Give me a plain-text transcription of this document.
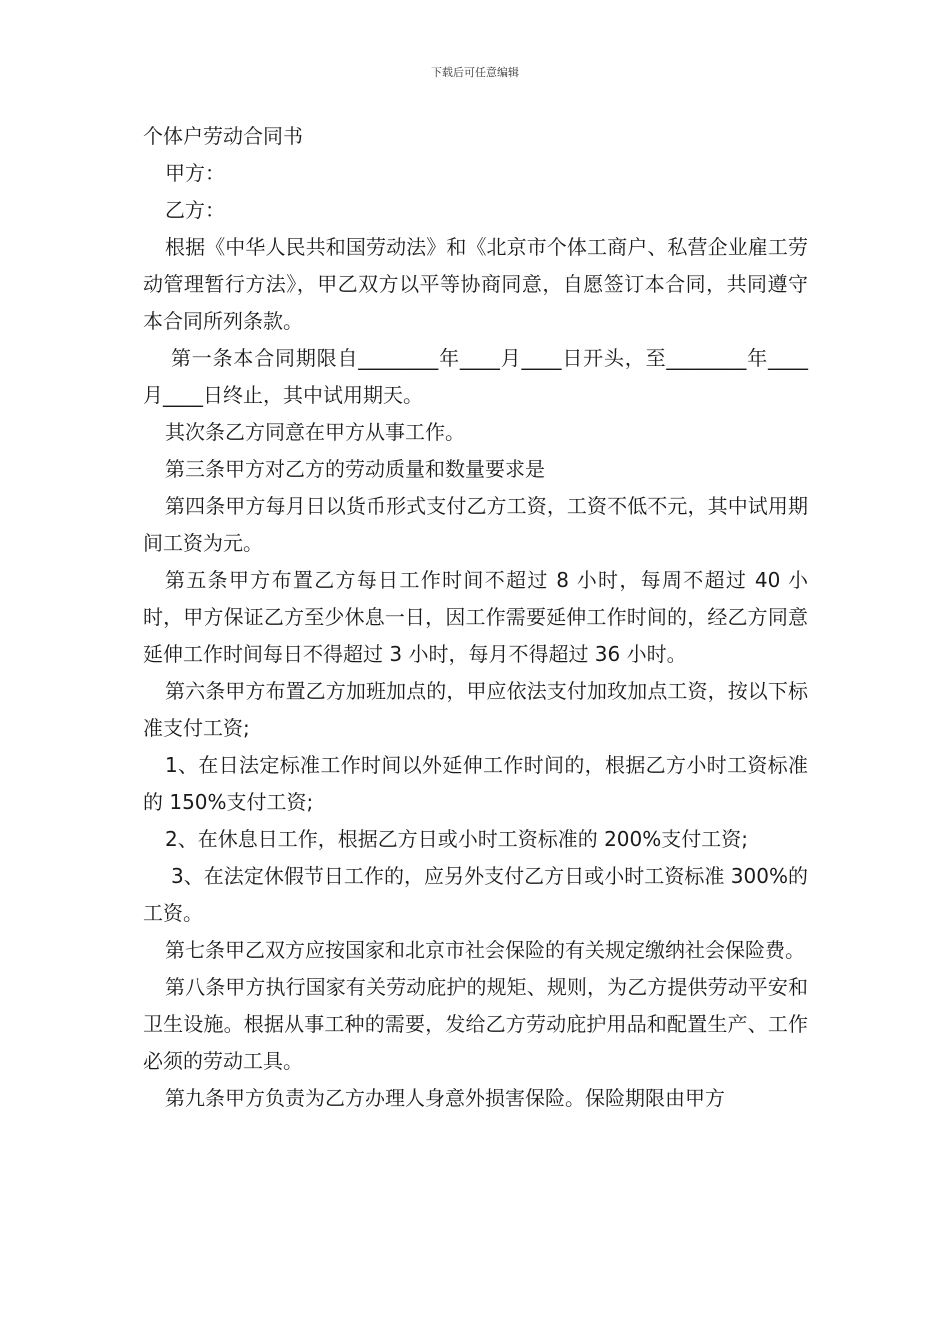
下载后可任意编辑

个体户劳动合同书

甲方：

乙方：

根据《中华人民共和国劳动法》和《北京市个体工商户、私营企业雇工劳动管理暂行方法》，甲乙双方以平等协商同意，自愿签订本合同，共同遵守本合同所列条款。

第一条本合同期限自________年____月____日开头，至________年____月____日终止，其中试用期天。

其次条乙方同意在甲方从事工作。

第三条甲方对乙方的劳动质量和数量要求是

第四条甲方每月日以货币形式支付乙方工资，工资不低不元，其中试用期间工资为元。

第五条甲方布置乙方每日工作时间不超过 8 小时，每周不超过 40 小时，甲方保证乙方至少休息一日，因工作需要延伸工作时间的，经乙方同意延伸工作时间每日不得超过 3 小时，每月不得超过 36 小时。

第六条甲方布置乙方加班加点的，甲应依法支付加玫加点工资，按以下标准支付工资;

1、在日法定标准工作时间以外延伸工作时间的，根据乙方小时工资标准的 150%支付工资;

2、在休息日工作，根据乙方日或小时工资标准的 200%支付工资;

3、在法定休假节日工作的，应另外支付乙方日或小时工资标准 300%的工资。

第七条甲乙双方应按国家和北京市社会保险的有关规定缴纳社会保险费。

第八条甲方执行国家有关劳动庇护的规矩、规则，为乙方提供劳动平安和卫生设施。根据从事工种的需要，发给乙方劳动庇护用品和配置生产、工作必须的劳动工具。

第九条甲方负责为乙方办理人身意外损害保险。保险期限由甲方
